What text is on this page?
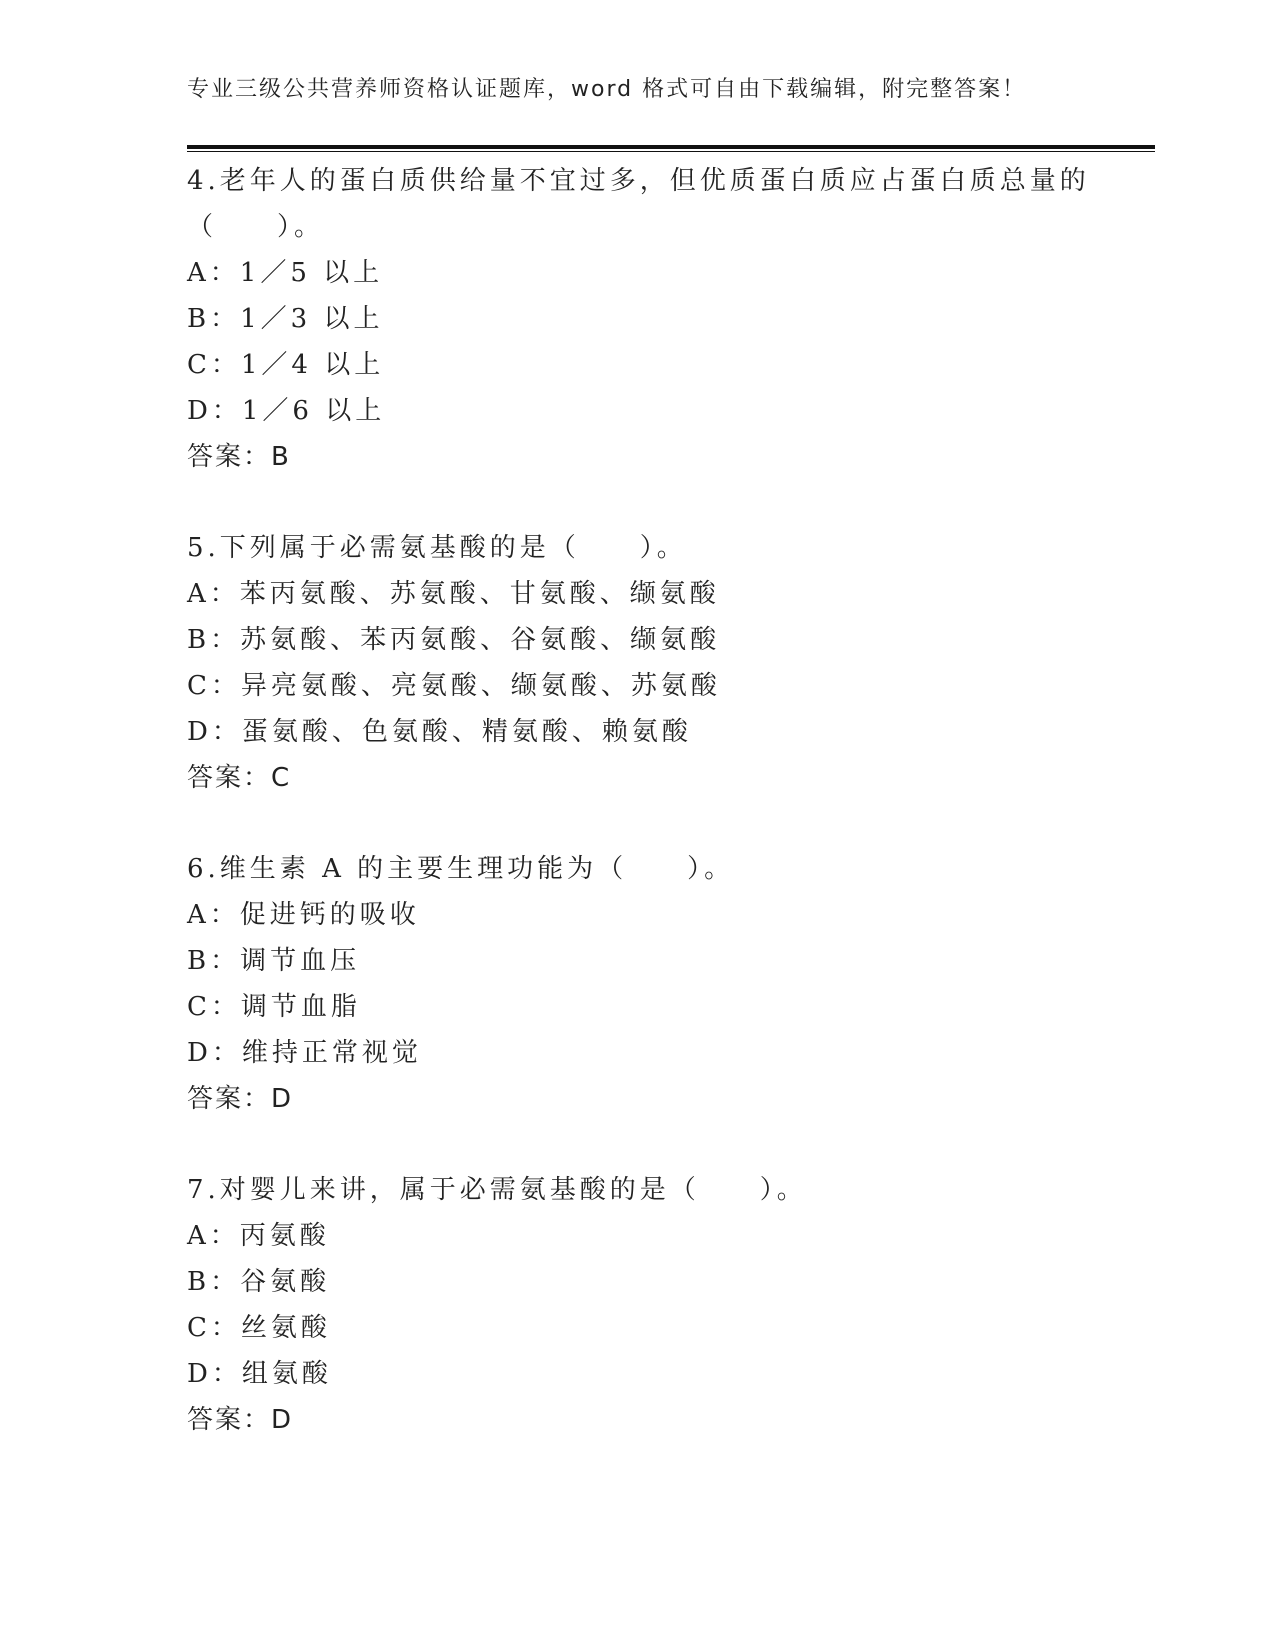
专业三级公共营养师资格认证题库，word 格式可自由下载编辑，附完整答案！
4.老年人的蛋白质供给量不宜过多，但优质蛋白质应占蛋白质总量的
（　　）。
A：1／5 以上
B：1／3 以上
C：1／4 以上
D：1／6 以上
答案：B
5.下列属于必需氨基酸的是（　　）。
A：苯丙氨酸、苏氨酸、甘氨酸、缬氨酸
B：苏氨酸、苯丙氨酸、谷氨酸、缬氨酸
C：异亮氨酸、亮氨酸、缬氨酸、苏氨酸
D：蛋氨酸、色氨酸、精氨酸、赖氨酸
答案：C
6.维生素 A 的主要生理功能为（　　）。
A：促进钙的吸收
B：调节血压
C：调节血脂
D：维持正常视觉
答案：D
7.对婴儿来讲，属于必需氨基酸的是（　　）。
A：丙氨酸
B：谷氨酸
C：丝氨酸
D：组氨酸
答案：D
